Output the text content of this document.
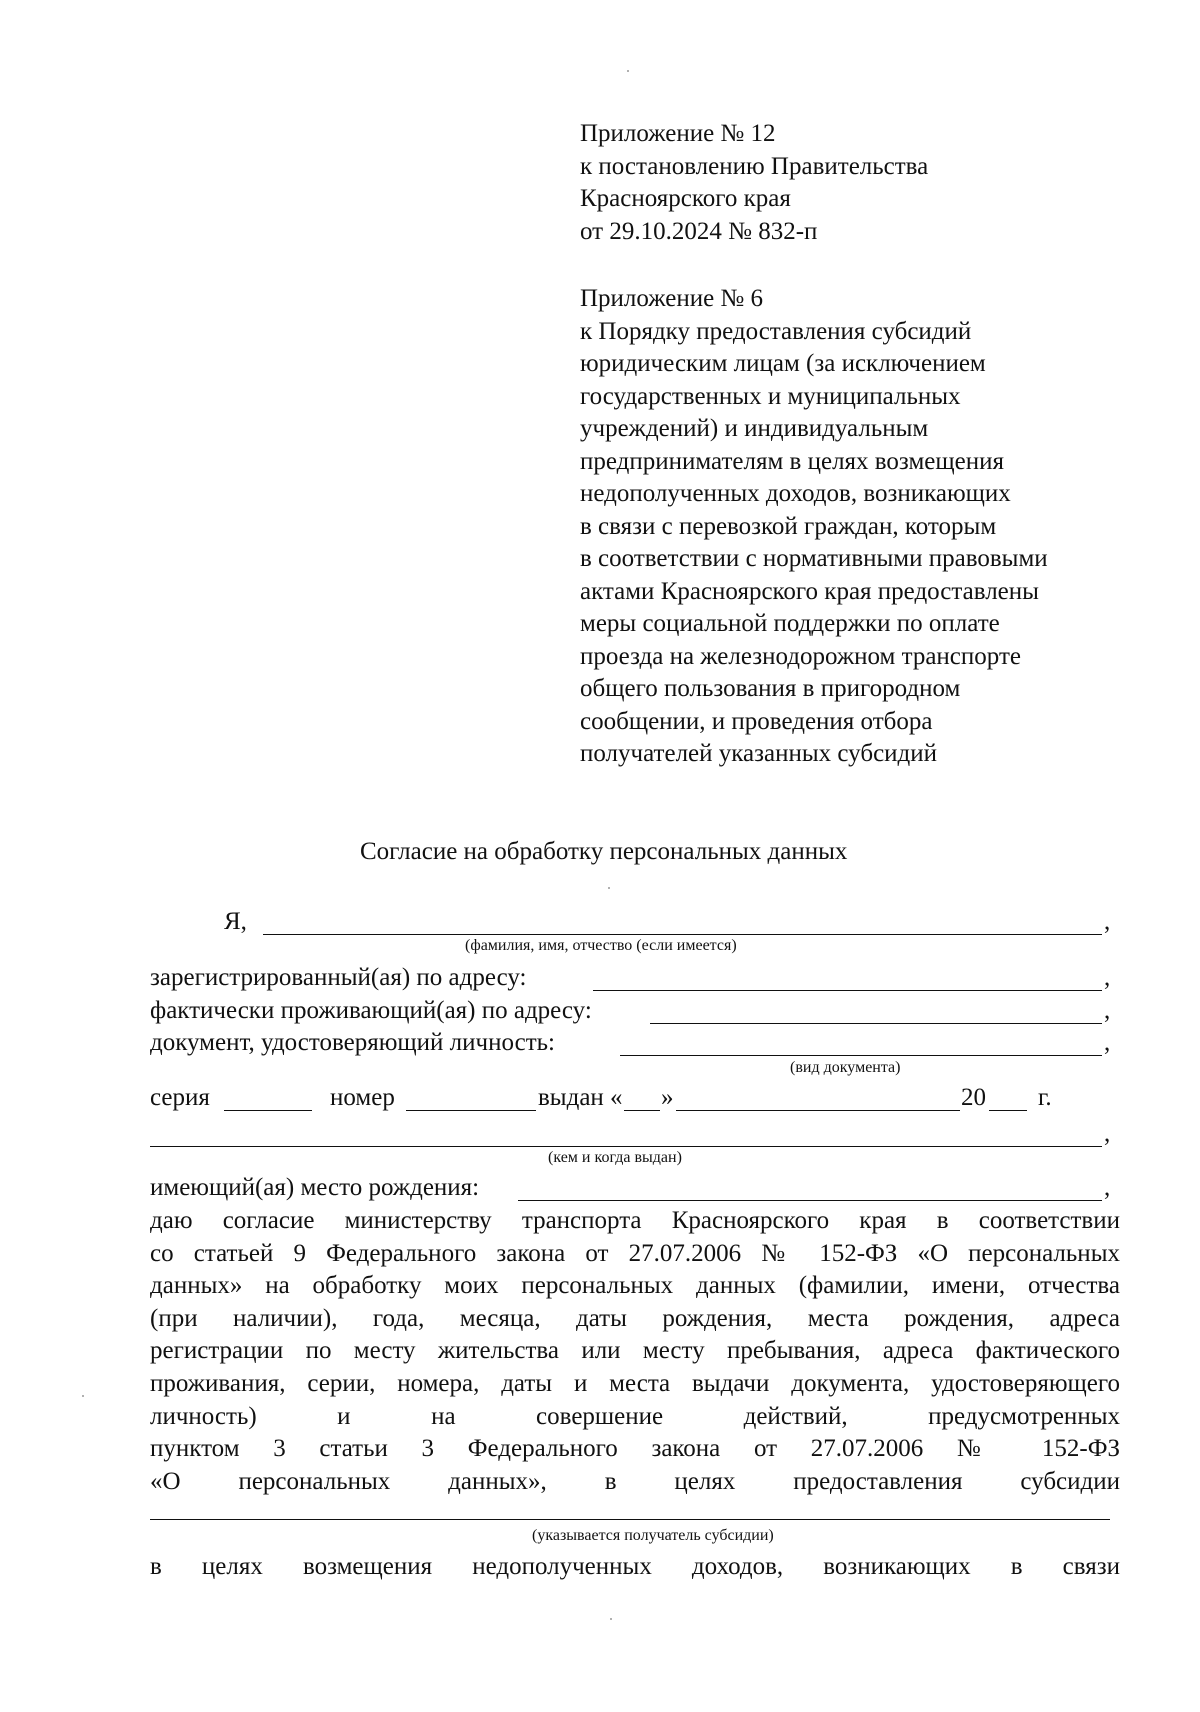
Приложение № 12
к постановлению Правительства
Красноярского края
от 29.10.2024 № 832-п
Приложение № 6
к Порядку предоставления субсидий
юридическим лицам (за исключением
государственных и муниципальных
учреждений) и индивидуальным
предпринимателям в целях возмещения
недополученных доходов, возникающих
в связи с перевозкой граждан, которым
в соответствии с нормативными правовыми
актами Красноярского края предоставлены
меры социальной поддержки по оплате
проезда на железнодорожном транспорте
общего пользования в пригородном
сообщении, и проведения отбора
получателей указанных субсидий
Согласие на обработку персональных данных
Я,	,
(фамилия, имя, отчество (если имеется)
зарегистрированный(ая) по адресу:	,
фактически проживающий(ая) по адресу:	,
документ, удостоверяющий личность:	,
(вид документа)
серия	номер	выдан « »	20 г.
,
(кем и когда выдан)
имеющий(ая) место рождения:	,
даю согласие министерству транспорта Красноярского края в соответствии
со статьей 9 Федерального закона от 27.07.2006 № 152-ФЗ «О персональных
данных» на обработку моих персональных данных (фамилии, имени, отчества
(при наличии), года, месяца, даты рождения, места рождения, адреса
регистрации по месту жительства или месту пребывания, адреса фактического
проживания, серии, номера, даты и места выдачи документа, удостоверяющего
личность) и на совершение действий, предусмотренных
пунктом 3 статьи 3 Федерального закона от 27.07.2006 № 152-ФЗ
«О персональных данных», в целях предоставления субсидии
(указывается получатель субсидии)
в целях возмещения недополученных доходов, возникающих в связи
